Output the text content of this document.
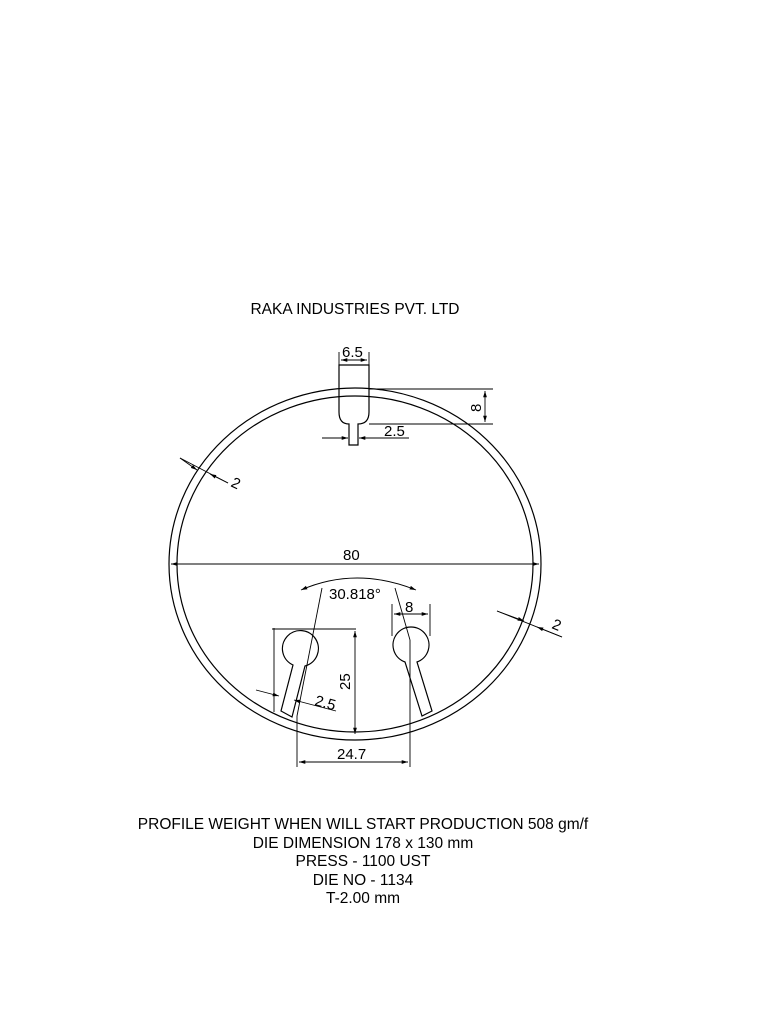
RAKA INDUSTRIES PVT. LTD
6.5
8
2.5
2
2
80
30.818°
8
25
2.5
24.7
PROFILE WEIGHT WHEN WILL START PRODUCTION 508 gm/f
DIE DIMENSION 178 x 130 mm
PRESS - 1100 UST
DIE NO - 1134
T-2.00 mm
